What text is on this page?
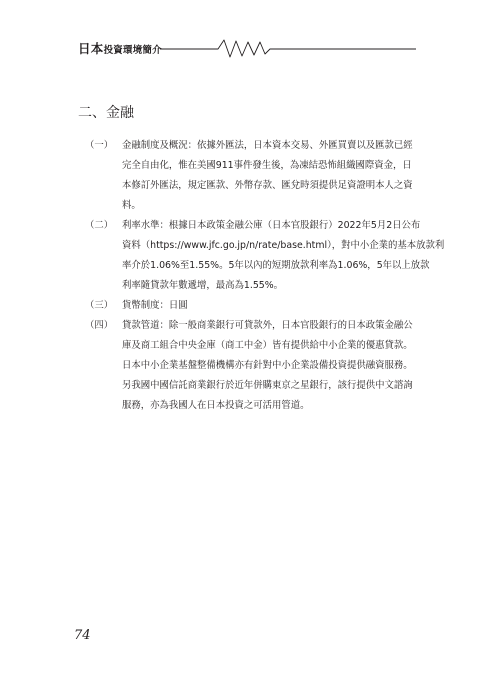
日本投資環境簡介
二、金融
（一） 金融制度及概況：依據外匯法，日本資本交易、外匯買賣以及匯款已經
完全自由化，惟在美國911事件發生後，為凍結恐怖組織國際資金，日
本修訂外匯法，規定匯款、外幣存款、匯兌時須提供足資證明本人之資
料。
（二） 利率水準：根據日本政策金融公庫（日本官股銀行）2022年5月2日公布
資料（https://www.jfc.go.jp/n/rate/base.html），對中小企業的基本放款利
率介於1.06%至1.55%。5年以內的短期放款利率為1.06%，5年以上放款
利率隨貸款年數遞增，最高為1.55%。
（三） 貨幣制度：日圓
（四） 貸款管道：除一般商業銀行可貸款外，日本官股銀行的日本政策金融公
庫及商工組合中央金庫（商工中金）皆有提供給中小企業的優惠貸款。
日本中小企業基盤整備機構亦有針對中小企業設備投資提供融資服務。
另我國中國信託商業銀行於近年併購東京之星銀行，該行提供中文諮詢
服務，亦為我國人在日本投資之可活用管道。
74
